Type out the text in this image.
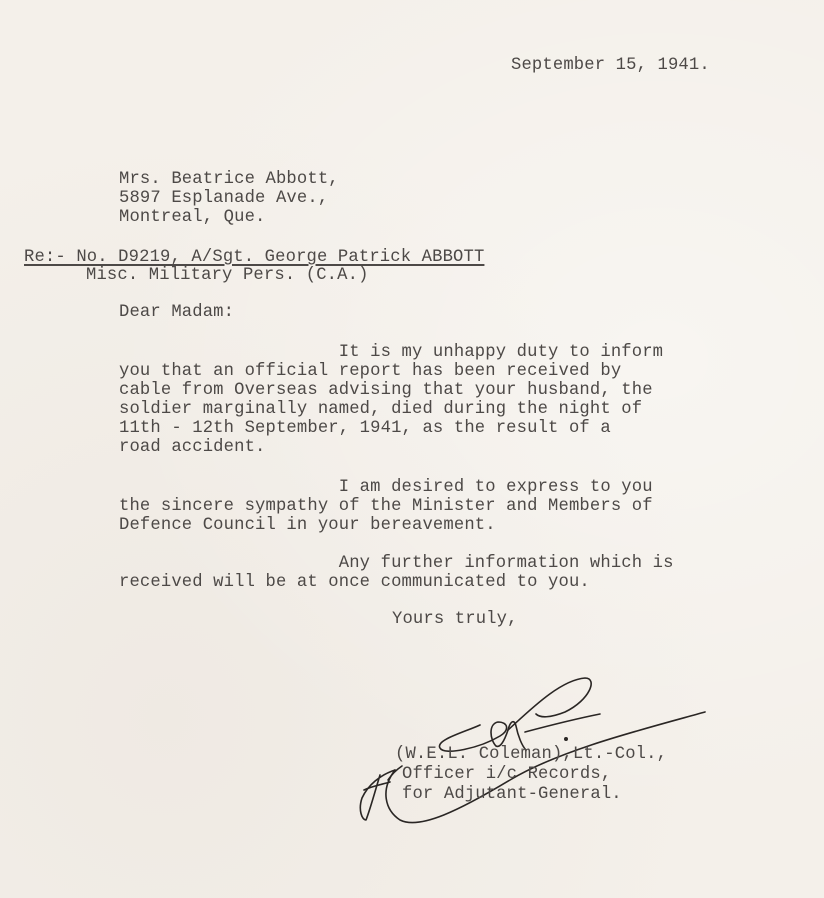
September 15, 1941.
Mrs. Beatrice Abbott,
5897 Esplanade Ave.,
Montreal, Que.
Re:- No. D9219, A/Sgt. George Patrick ABBOTT
Misc. Military Pers. (C.A.)
Dear Madam:
It is my unhappy duty to inform
you that an official report has been received by
cable from Overseas advising that your husband, the
soldier marginally named, died during the night of
11th - 12th September, 1941, as the result of a
road accident.
I am desired to express to you
the sincere sympathy of the Minister and Members of
Defence Council in your bereavement.
Any further information which is
received will be at once communicated to you.
Yours truly,
(W.E.L. Coleman),Lt.-Col.,
Officer i/c Records,
for Adjutant-General.
